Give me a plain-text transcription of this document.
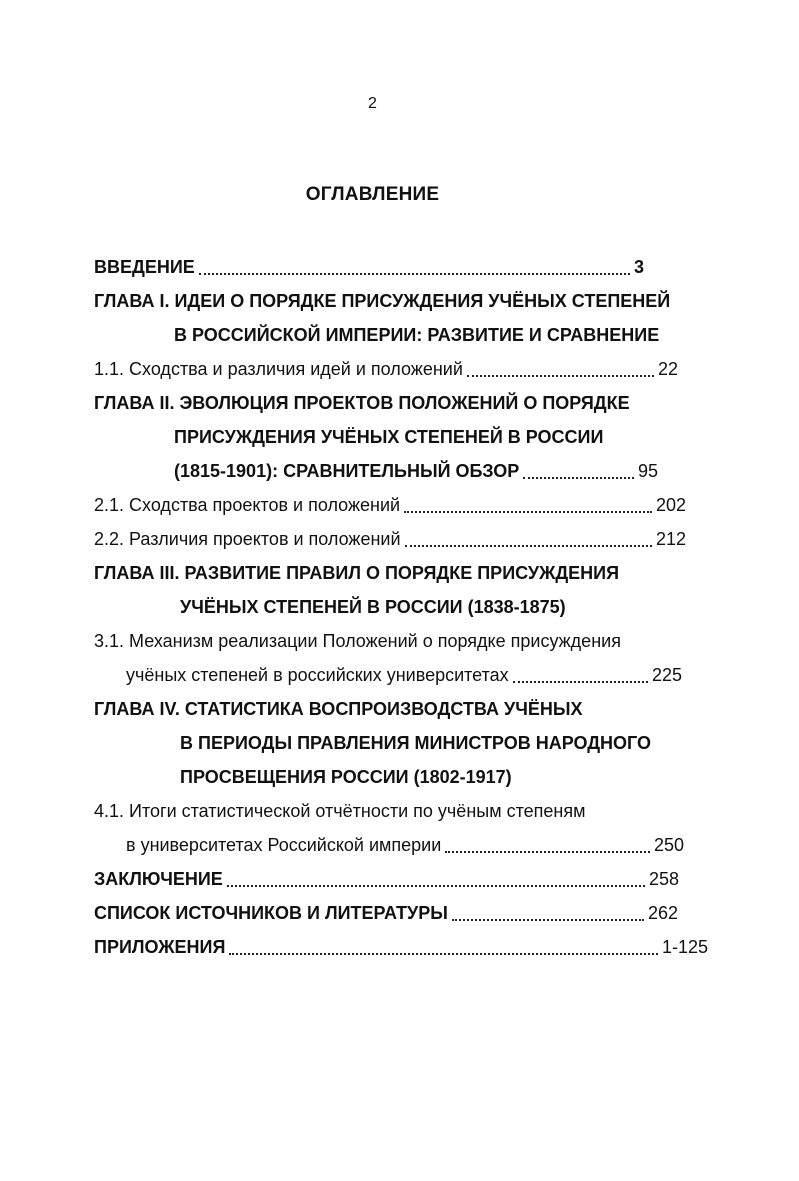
2
ОГЛАВЛЕНИЕ
ВВЕДЕНИЕ	3
ГЛАВА I. ИДЕИ О ПОРЯДКЕ ПРИСУЖДЕНИЯ УЧЁНЫХ СТЕПЕНЕЙ
В РОССИЙСКОЙ ИМПЕРИИ: РАЗВИТИЕ И СРАВНЕНИЕ
1.1. Сходства и различия идей и положений	22
ГЛАВА II. ЭВОЛЮЦИЯ ПРОЕКТОВ ПОЛОЖЕНИЙ О ПОРЯДКЕ
ПРИСУЖДЕНИЯ УЧЁНЫХ СТЕПЕНЕЙ В РОССИИ
(1815-1901): СРАВНИТЕЛЬНЫЙ ОБЗОР	95
2.1. Сходства проектов и положений	202
2.2. Различия проектов и положений	212
ГЛАВА III. РАЗВИТИЕ ПРАВИЛ О ПОРЯДКЕ ПРИСУЖДЕНИЯ
УЧЁНЫХ СТЕПЕНЕЙ В РОССИИ (1838-1875)
3.1. Механизм реализации Положений о порядке присуждения
учёных степеней в российских университетах	225
ГЛАВА IV. СТАТИСТИКА ВОСПРОИЗВОДСТВА УЧЁНЫХ
В ПЕРИОДЫ ПРАВЛЕНИЯ МИНИСТРОВ НАРОДНОГО
ПРОСВЕЩЕНИЯ РОССИИ (1802-1917)
4.1. Итоги статистической отчётности по учёным степеням
в университетах Российской империи	250
ЗАКЛЮЧЕНИЕ	258
СПИСОК ИСТОЧНИКОВ И ЛИТЕРАТУРЫ	262
ПРИЛОЖЕНИЯ	1-125
